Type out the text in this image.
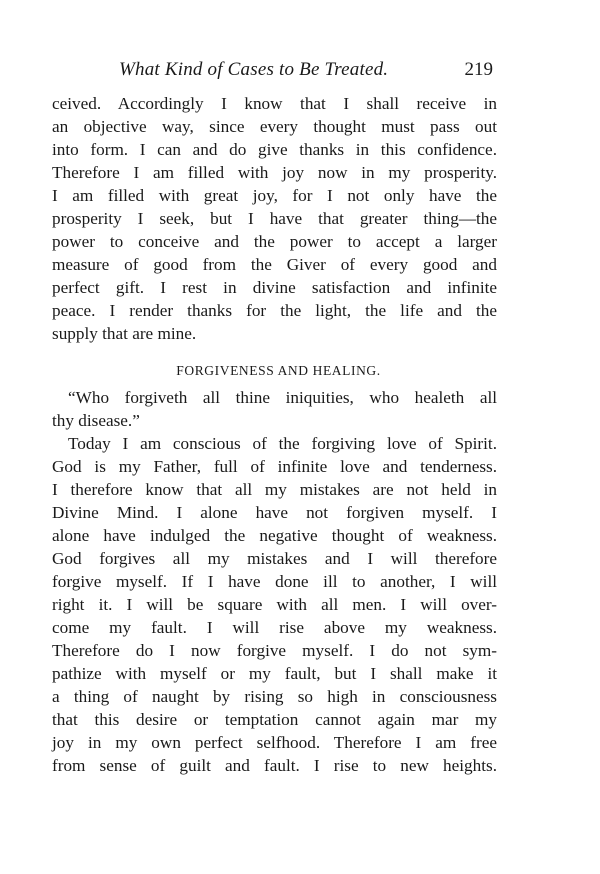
What Kind of Cases to Be Treated.	219
ceived. Accordingly I know that I shall receive in
an objective way, since every thought must pass out
into form. I can and do give thanks in this confidence.
Therefore I am filled with joy now in my prosperity.
I am filled with great joy, for I not only have the
prosperity I seek, but I have that greater thing—the
power to conceive and the power to accept a larger
measure of good from the Giver of every good and
perfect gift. I rest in divine satisfaction and infinite
peace. I render thanks for the light, the life and the
supply that are mine.
FORGIVENESS AND HEALING.
“Who forgiveth all thine iniquities, who healeth all
thy disease.”
Today I am conscious of the forgiving love of Spirit.
God is my Father, full of infinite love and tenderness.
I therefore know that all my mistakes are not held in
Divine Mind. I alone have not forgiven myself. I
alone have indulged the negative thought of weakness.
God forgives all my mistakes and I will therefore
forgive myself. If I have done ill to another, I will
right it. I will be square with all men. I will over-
come my fault. I will rise above my weakness.
Therefore do I now forgive myself. I do not sym-
pathize with myself or my fault, but I shall make it
a thing of naught by rising so high in consciousness
that this desire or temptation cannot again mar my
joy in my own perfect selfhood. Therefore I am free
from sense of guilt and fault. I rise to new heights.
